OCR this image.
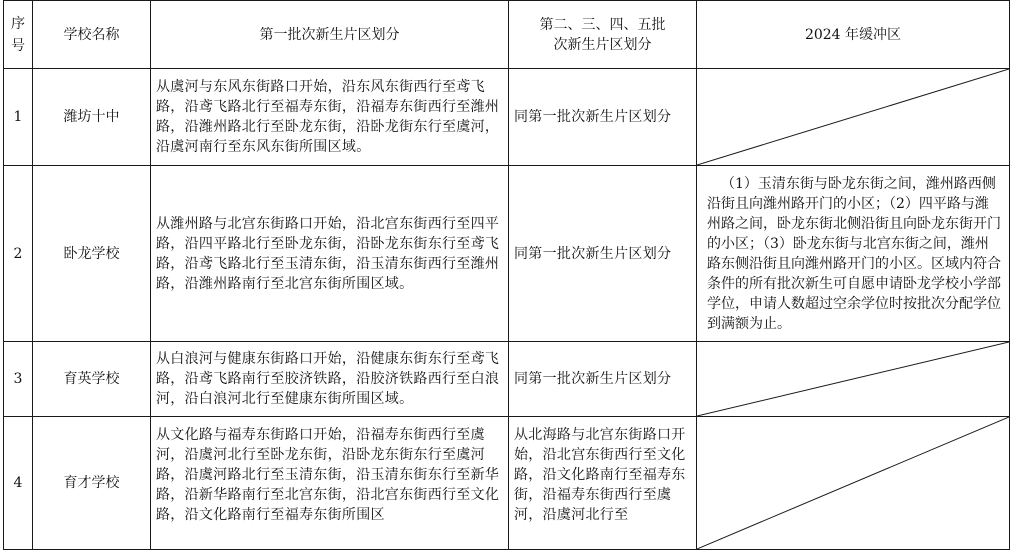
序号	学校名称	第一批次新生片区划分	第二、三、四、五批次新生片区划分	2024 年缓冲区
1	潍坊十中	从虞河与东风东街路口开始，沿东风东街西行至鸢飞路，沿鸢飞路北行至福寿东街，沿福寿东街西行至潍州路，沿潍州路北行至卧龙东街，沿卧龙街东行至虞河，沿虞河南行至东风东街所围区域。	同第一批次新生片区划分

2	卧龙学校	从潍州路与北宫东街路口开始，沿北宫东街西行至四平路，沿四平路北行至卧龙东街，沿卧龙东街东行至鸢飞路，沿鸢飞路北行至玉清东街，沿玉清东街西行至潍州路，沿潍州路南行至北宫东街所围区域。	同第一批次新生片区划分	（1）玉清东街与卧龙东街之间，潍州路西侧沿街且向潍州路开门的小区；（2）四平路与潍州路之间，卧龙东街北侧沿街且向卧龙东街开门的小区；（3）卧龙东街与北宫东街之间，潍州路东侧沿街且向潍州路开门的小区。区域内符合条件的所有批次新生可自愿申请卧龙学校小学部学位，申请人数超过空余学位时按批次分配学位到满额为止。

3	育英学校	从白浪河与健康东街路口开始，沿健康东街东行至鸢飞路，沿鸢飞路南行至胶济铁路，沿胶济铁路西行至白浪河，沿白浪河北行至健康东街所围区域。	同第一批次新生片区划分

4	育才学校	从文化路与福寿东街路口开始，沿福寿东街西行至虞河，沿虞河北行至卧龙东街，沿卧龙东街东行至虞河路，沿虞河路北行至玉清东街，沿玉清东街东行至新华路，沿新华路南行至北宫东街，沿北宫东街西行至文化路，沿文化路南行至福寿东街所围区	从北海路与北宫东街路口开始，沿北宫东街西行至文化路，沿文化路南行至福寿东街，沿福寿东街西行至虞河，沿虞河北行至
